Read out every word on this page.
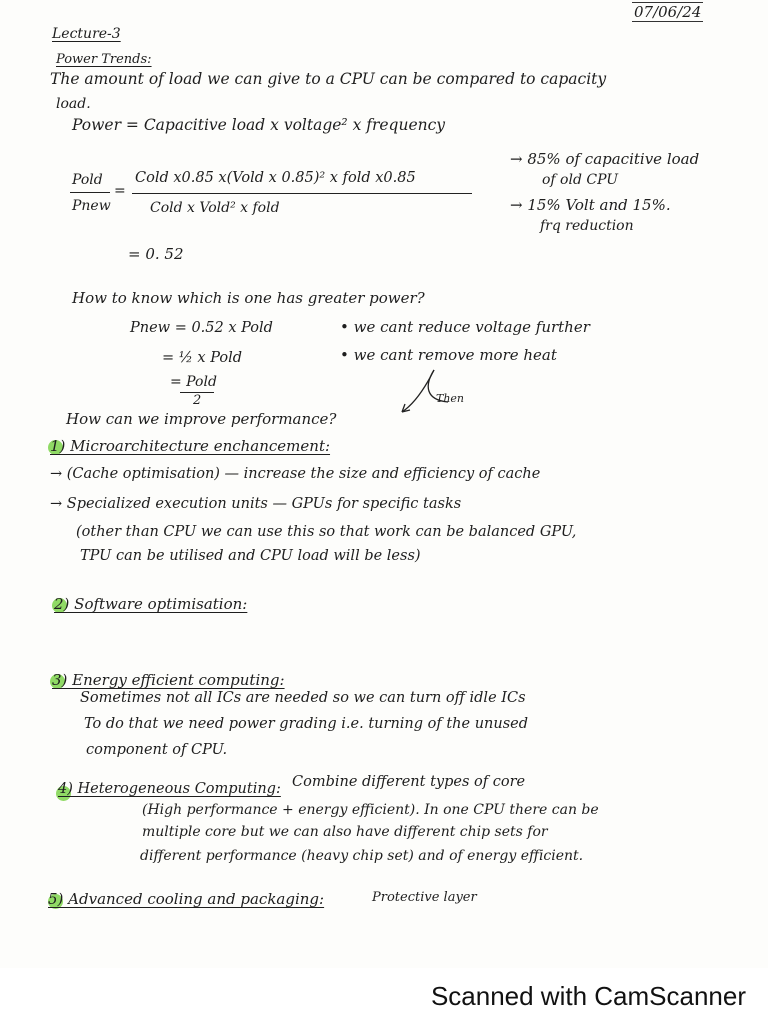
07/06/24
Lecture-3
Power Trends:
The amount of load we can give to a CPU can be compared to capacity
load.
Power = Capacitive load x voltage² x frequency
Pold
Pnew
=
Cold x0.85 x(Vold x 0.85)² x fold x0.85
Cold x Vold² x fold
= 0. 52
→ 85% of capacitive load
of old CPU
→ 15% Volt and 15%.
frq reduction
How to know which is one has greater power?
Pnew = 0.52 x Pold
= ½ x Pold
= Pold
2
• we cant reduce voltage further
• we cant remove more heat
Then
How can we improve performance?
1) Microarchitecture enchancement:
→ (Cache optimisation) — increase the size and efficiency of cache
→ Specialized execution units — GPUs for specific tasks
(other than CPU we can use this so that work can be balanced GPU,
TPU can be utilised and CPU load will be less)
2) Software optimisation:
3) Energy efficient computing:
Sometimes not all ICs are needed so we can turn off idle ICs
To do that we need power grading i.e. turning of the unused
component of CPU.
4) Heterogeneous Computing: Combine different types of core
(High performance + energy efficient). In one CPU there can be
multiple core but we can also have different chip sets for
different performance (heavy chip set) and of energy efficient.
5) Advanced cooling and packaging:	Protective layer
Scanned with CamScanner
